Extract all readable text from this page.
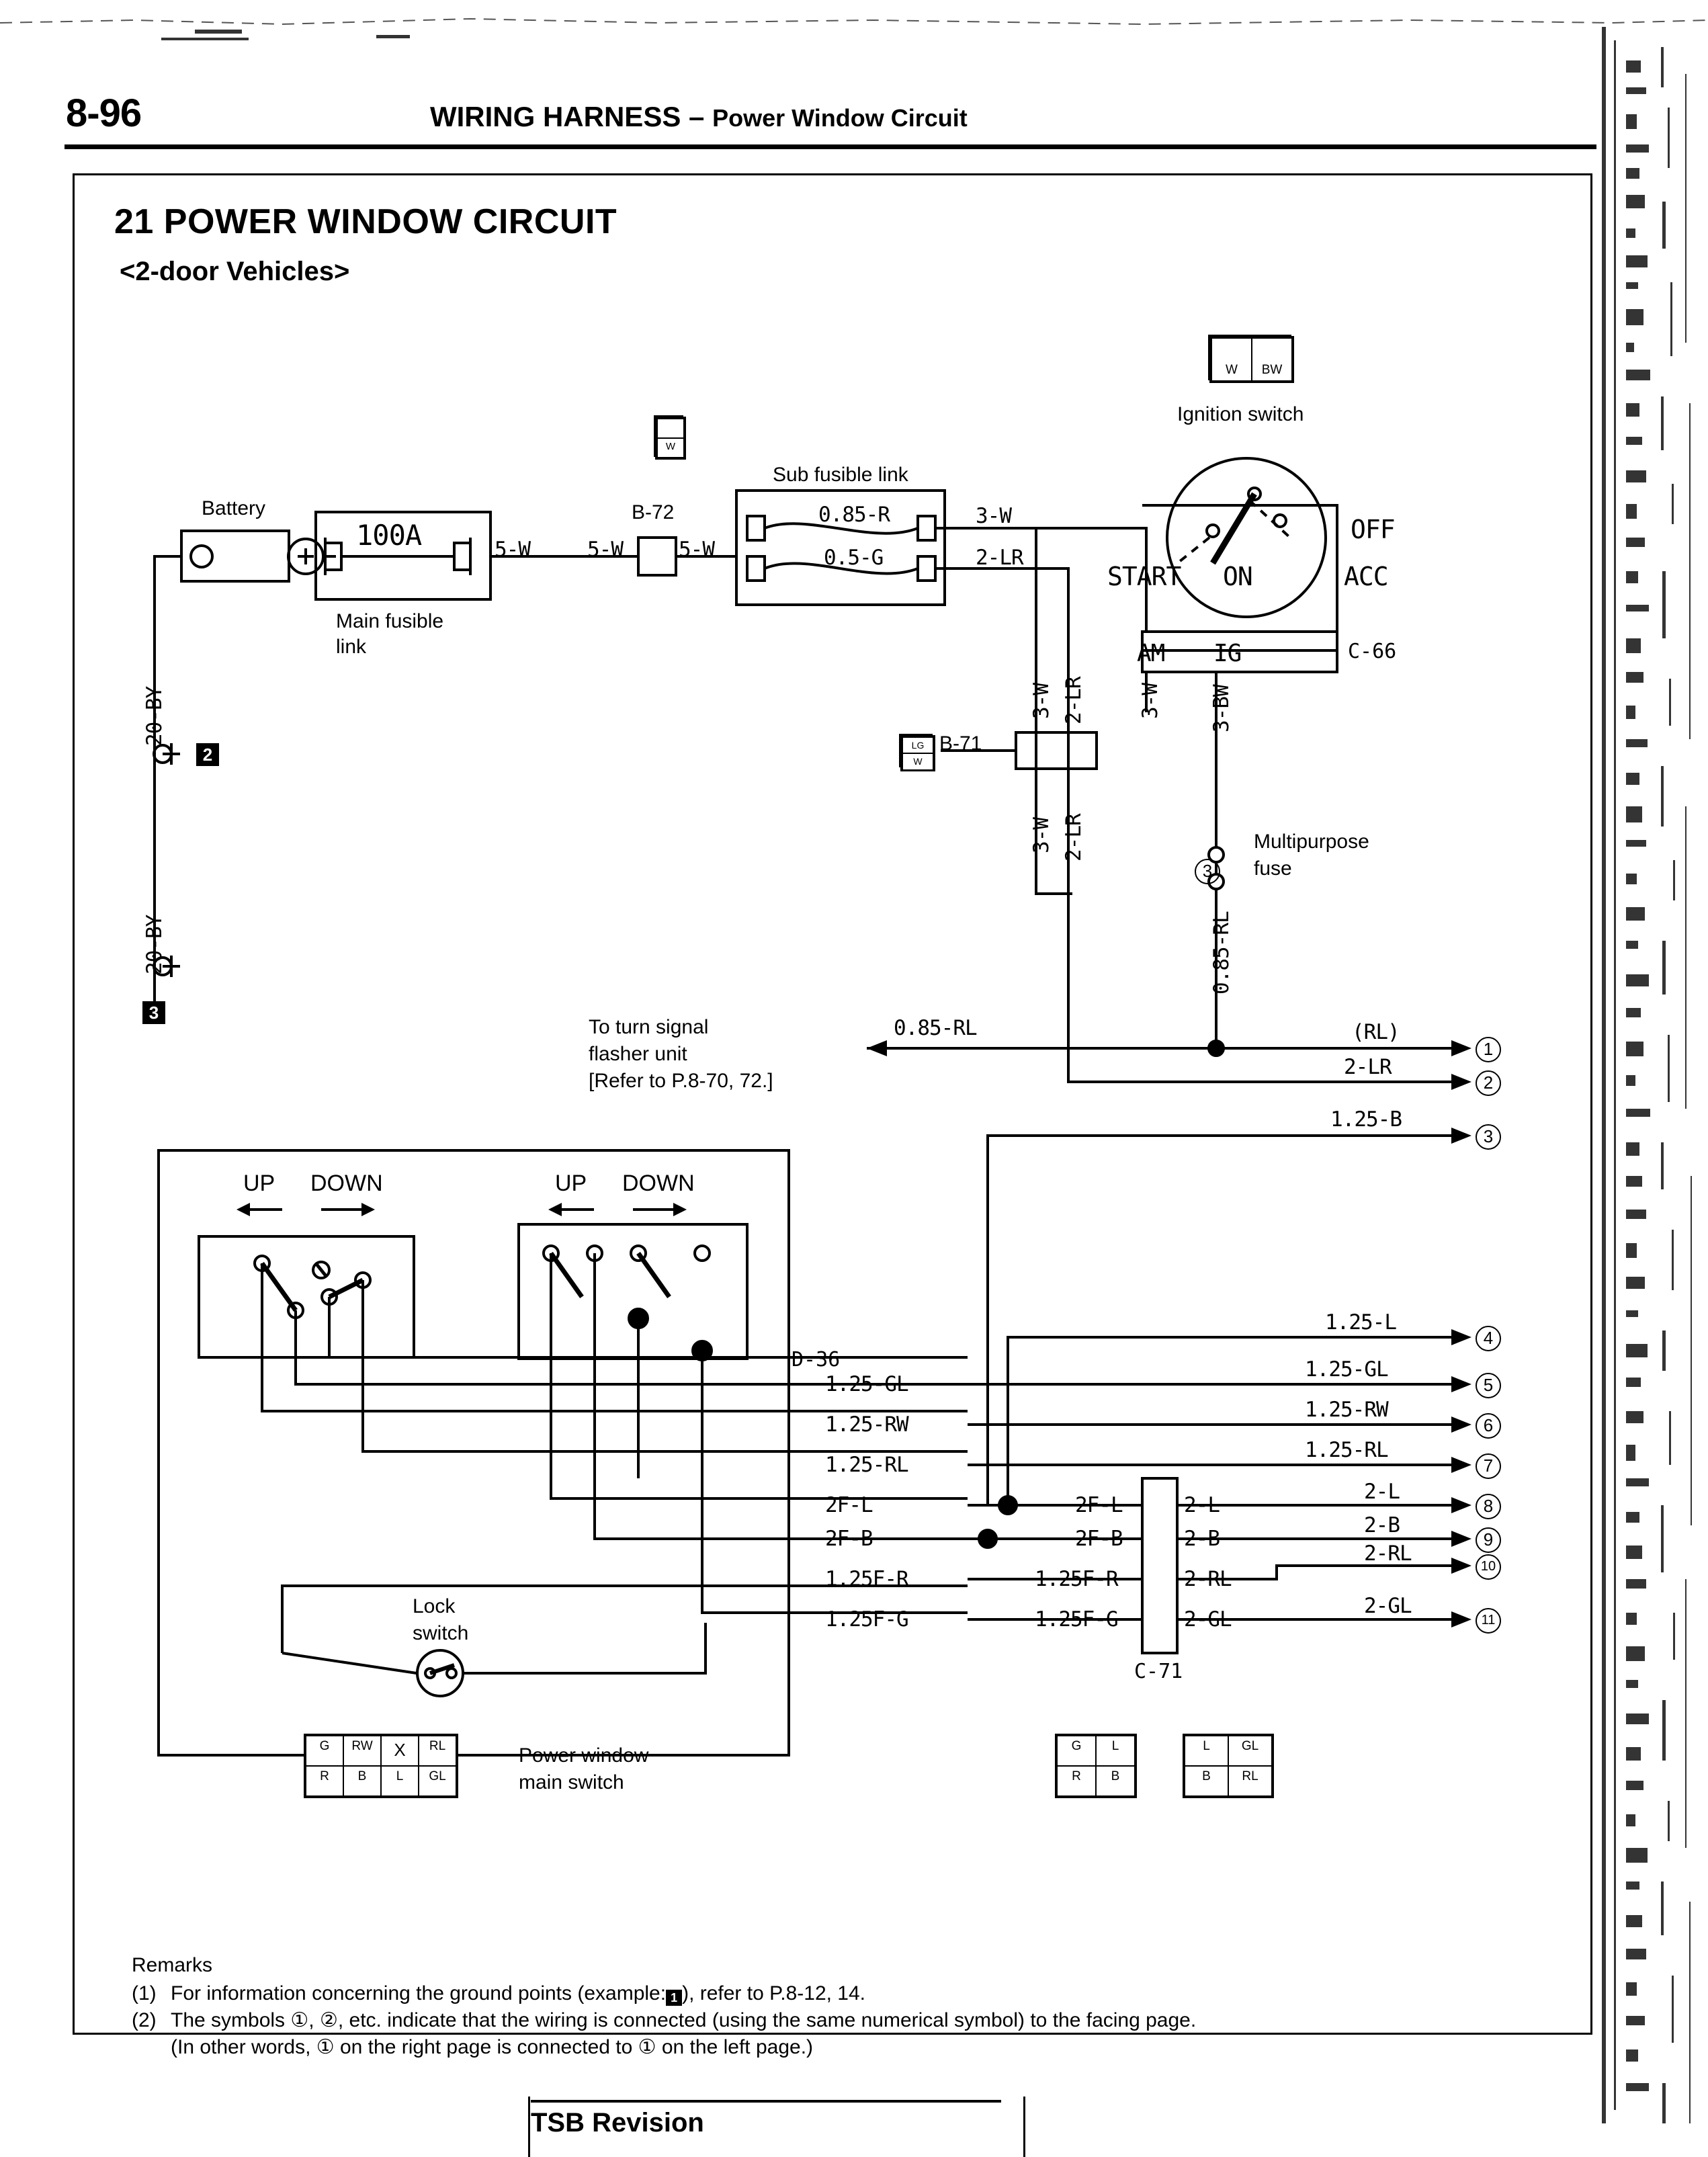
8-96	WIRING HARNESS – Power Window Circuit
21 POWER WINDOW CIRCUIT
<2-door Vehicles>
Battery
5-W
100A
Main fusible
link
5-W	5-W
B-72
Sub fusible link
0.85-R
0.5-G
3-W
2-LR
3-W 2-LR
3-W 2-LR
B-71
3-W 3-BW
Ignition switch
OFF
ON	ACC
START
AM IG	C-66
Multipurpose
fuse
3
0.85-RL
0.85-RL	(RL)
2-LR
1.25-B
20-BY
20-BY
2
3
To turn signal
flasher unit
[Refer to P.8-70, 72.]
UP DOWN	UP DOWN
Lock
switch
Power window
main switch
D-36
1.25-GL
1.25-RW
1.25-RL
2F-L
2F-B
1.25F-R
1.25F-G
2F-L
2F-B
1.25F-R
1.25F-G
2-L
2-B
2-RL
2-GL
C-71
1.25-L
1.25-GL
1.25-RW
1.25-RL
2-L
2-B
2-RL
2-GL
1
2
3
4
5
6
7
8
9
10
11
G	RW	X	RL
R	B	L	GL
G	L
R	B
L	GL
B	RL
W	BW
W
LG
W
Remarks
(1) For information concerning the ground points (example: 1 ), refer to P.8-12, 14.
(2) The symbols ①, ②, etc. indicate that the wiring is connected (using the same numerical symbol) to the facing page.
(In other words, ① on the right page is connected to ① on the left page.)
TSB Revision
